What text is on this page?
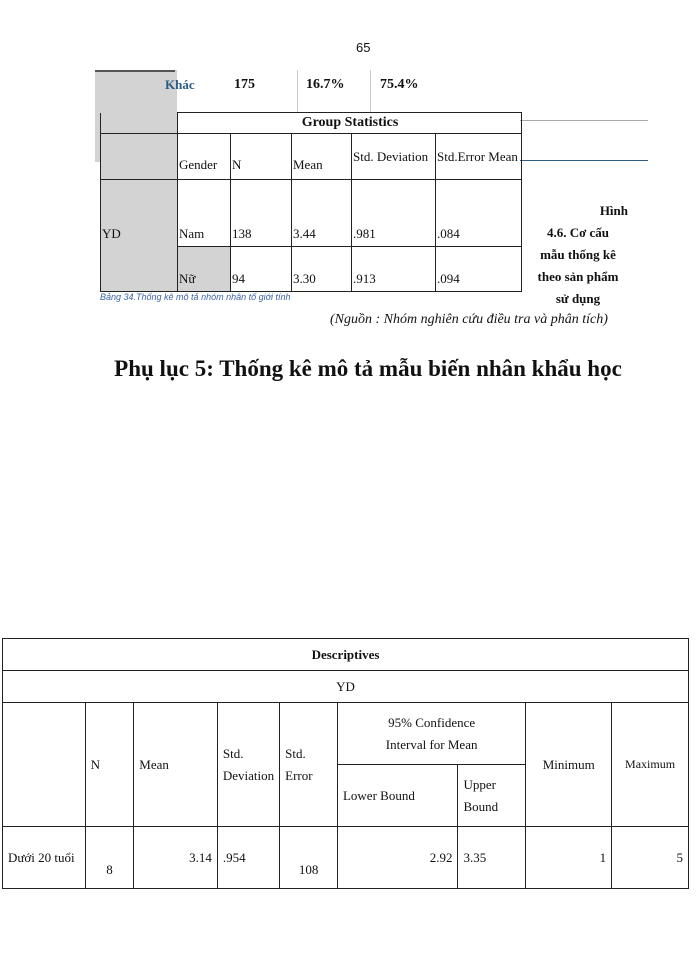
65
Khác	175	16.7%	75.4%
	Group Statistics				
	Gender	N	Mean	Std. Deviation	Std.Error Mean
YD	Nam	138	3.44	.981	.084
	Nữ	94	3.30	.913	.094
Bảng 34.Thống kê mô tả nhóm nhân tố giới tính
Hình
4.6. Cơ cấu
mẫu thống kê
theo sản phẩm
sử dụng
(Nguồn : Nhóm nghiên cứu điều tra và phân tích)
Phụ lục 5: Thống kê mô tả mẫu biến nhân khẩu học
Descriptives								
YD								
	N	Mean	Std. Deviation	Std. Error	95% Confidence Interval for Mean		Minimum	Maximum
					Lower Bound	Upper Bound		
Dưới 20 tuổi	8	3.14	.954	108	2.92	3.35	1	5
